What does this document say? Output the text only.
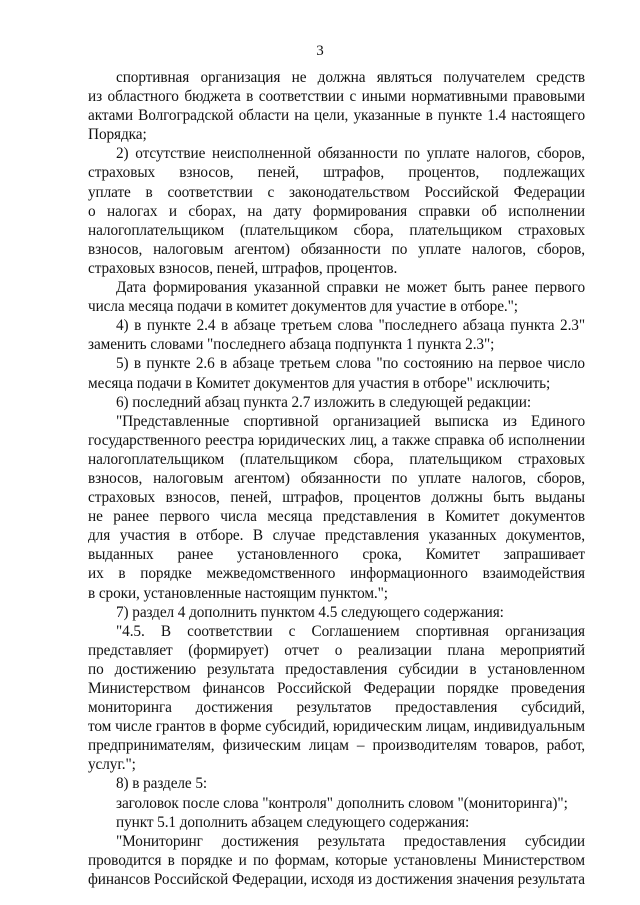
3
спортивная организация не должна являться получателем средств
из областного бюджета в соответствии с иными нормативными правовыми
актами Волгоградской области на цели, указанные в пункте 1.4 настоящего
Порядка;
2) отсутствие неисполненной обязанности по уплате налогов, сборов,
страховых взносов, пеней, штрафов, процентов, подлежащих
уплате в соответствии с законодательством Российской Федерации
о налогах и сборах, на дату формирования справки об исполнении
налогоплательщиком (плательщиком сбора, плательщиком страховых
взносов, налоговым агентом) обязанности по уплате налогов, сборов,
страховых взносов, пеней, штрафов, процентов.
Дата формирования указанной справки не может быть ранее первого
числа месяца подачи в комитет документов для участие в отборе.";
4) в пункте 2.4 в абзаце третьем слова "последнего абзаца пункта 2.3"
заменить словами "последнего абзаца подпункта 1 пункта 2.3";
5) в пункте 2.6 в абзаце третьем слова "по состоянию на первое число
месяца подачи в Комитет документов для участия в отборе" исключить;
6) последний абзац пункта 2.7 изложить в следующей редакции:
"Представленные спортивной организацией выписка из Единого
государственного реестра юридических лиц, а также справка об исполнении
налогоплательщиком (плательщиком сбора, плательщиком страховых
взносов, налоговым агентом) обязанности по уплате налогов, сборов,
страховых взносов, пеней, штрафов, процентов должны быть выданы
не ранее первого числа месяца представления в Комитет документов
для участия в отборе. В случае представления указанных документов,
выданных ранее установленного срока, Комитет запрашивает
их в порядке межведомственного информационного взаимодействия
в сроки, установленные настоящим пунктом.";
7) раздел 4 дополнить пунктом 4.5 следующего содержания:
"4.5. В соответствии с Соглашением спортивная организация
представляет (формирует) отчет о реализации плана мероприятий
по достижению результата предоставления субсидии в установленном
Министерством финансов Российской Федерации порядке проведения
мониторинга достижения результатов предоставления субсидий,
том числе грантов в форме субсидий, юридическим лицам, индивидуальным
предпринимателям, физическим лицам – производителям товаров, работ,
услуг.";
8) в разделе 5:
заголовок после слова "контроля" дополнить словом "(мониторинга)";
пункт 5.1 дополнить абзацем следующего содержания:
"Мониторинг достижения результата предоставления субсидии
проводится в порядке и по формам, которые установлены Министерством
финансов Российской Федерации, исходя из достижения значения результата
